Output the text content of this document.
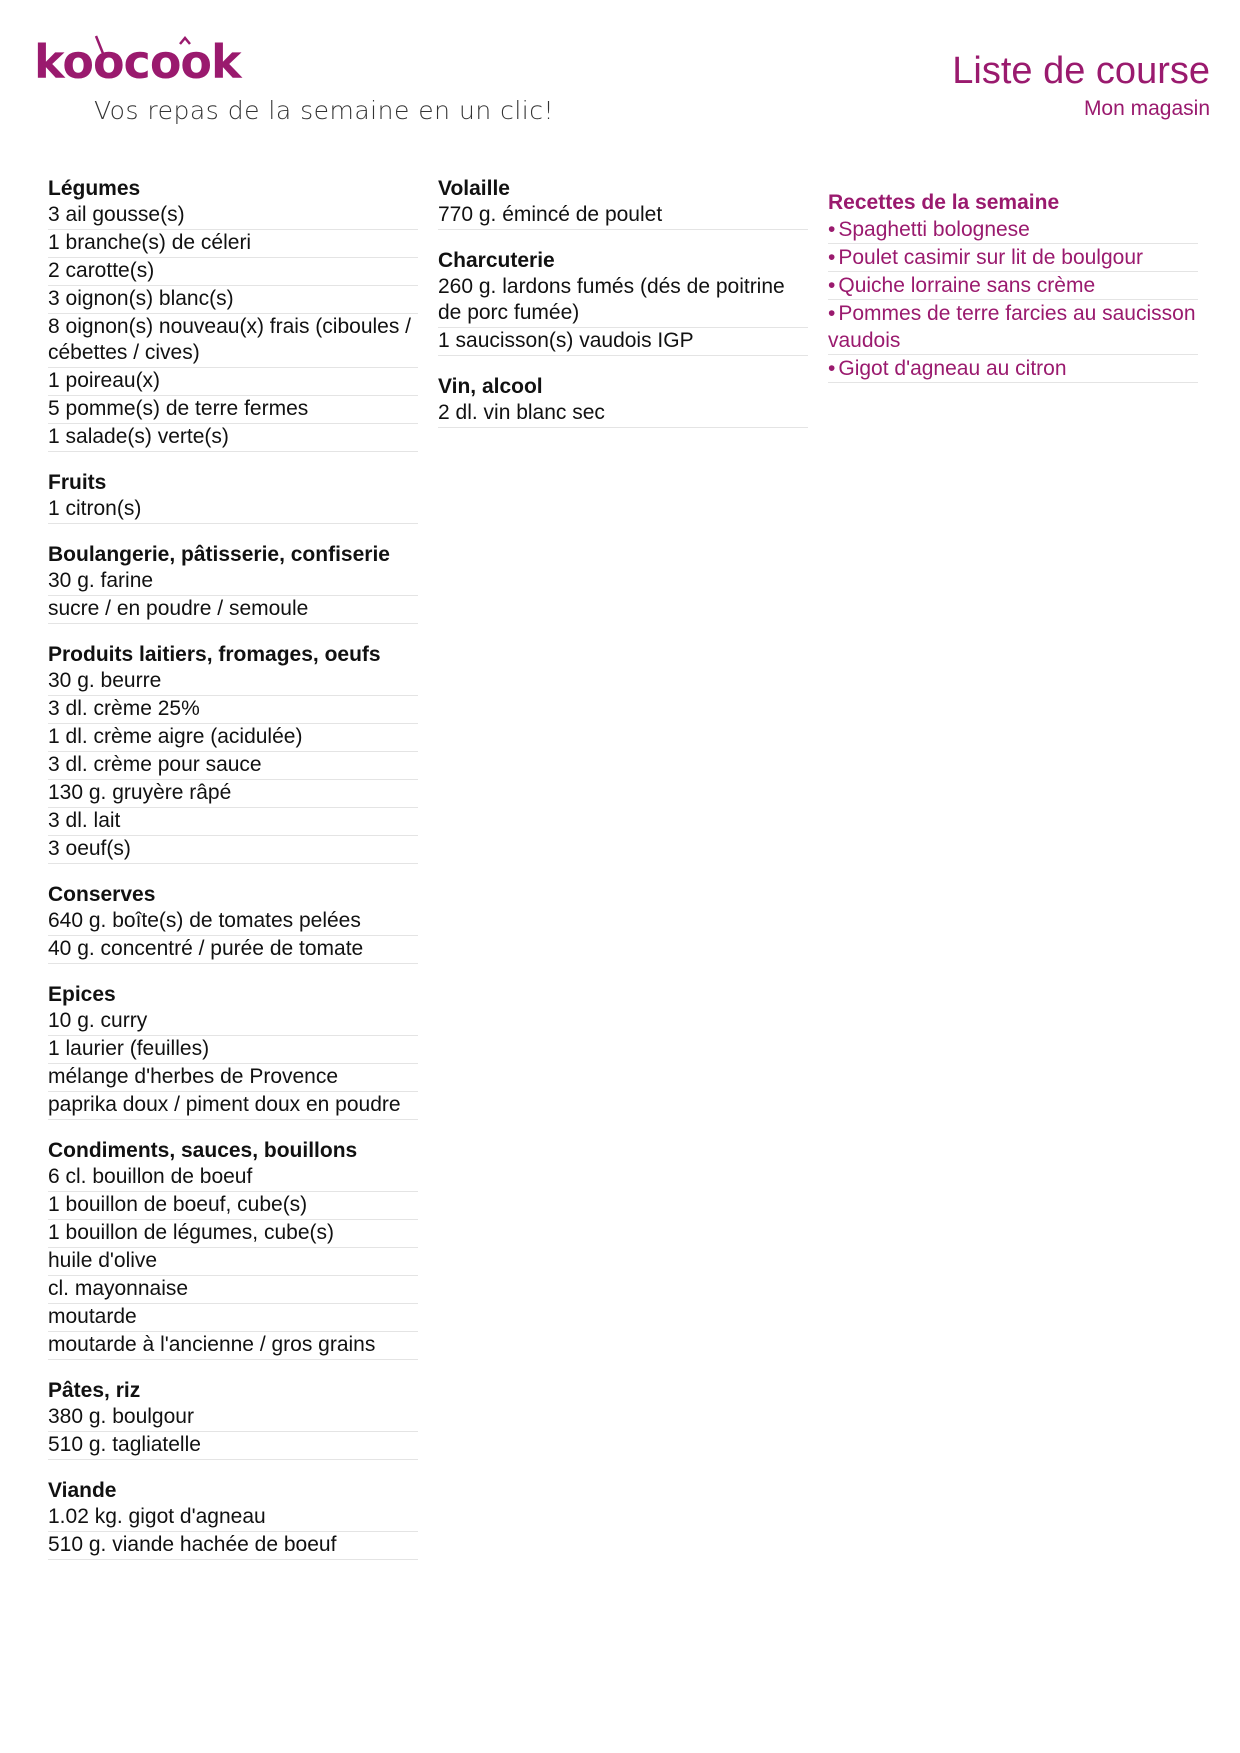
koocook
Vos repas de la semaine en un clic!
Liste de course
Mon magasin
Légumes
3 ail gousse(s)
1 branche(s) de céleri
2 carotte(s)
3 oignon(s) blanc(s)
8 oignon(s) nouveau(x) frais (ciboules / cébettes / cives)
1 poireau(x)
5 pomme(s) de terre fermes
1 salade(s) verte(s)
Fruits
1 citron(s)
Boulangerie, pâtisserie, confiserie
30 g. farine
sucre / en poudre / semoule
Produits laitiers, fromages, oeufs
30 g. beurre
3 dl. crème 25%
1 dl. crème aigre (acidulée)
3 dl. crème pour sauce
130 g. gruyère râpé
3 dl. lait
3 oeuf(s)
Conserves
640 g. boîte(s) de tomates pelées
40 g. concentré / purée de tomate
Epices
10 g. curry
1 laurier (feuilles)
mélange d'herbes de Provence
paprika doux / piment doux en poudre
Condiments, sauces, bouillons
6 cl. bouillon de boeuf
1 bouillon de boeuf, cube(s)
1 bouillon de légumes, cube(s)
huile d'olive
cl. mayonnaise
moutarde
moutarde à l'ancienne / gros grains
Pâtes, riz
380 g. boulgour
510 g. tagliatelle
Viande
1.02 kg. gigot d'agneau
510 g. viande hachée de boeuf
Volaille
770 g. émincé de poulet
Charcuterie
260 g. lardons fumés (dés de poitrine de porc fumée)
1 saucisson(s) vaudois IGP
Vin, alcool
2 dl. vin blanc sec
Recettes de la semaine
• Spaghetti bolognese
• Poulet casimir sur lit de boulgour
• Quiche lorraine sans crème
• Pommes de terre farcies au saucisson vaudois
• Gigot d'agneau au citron
